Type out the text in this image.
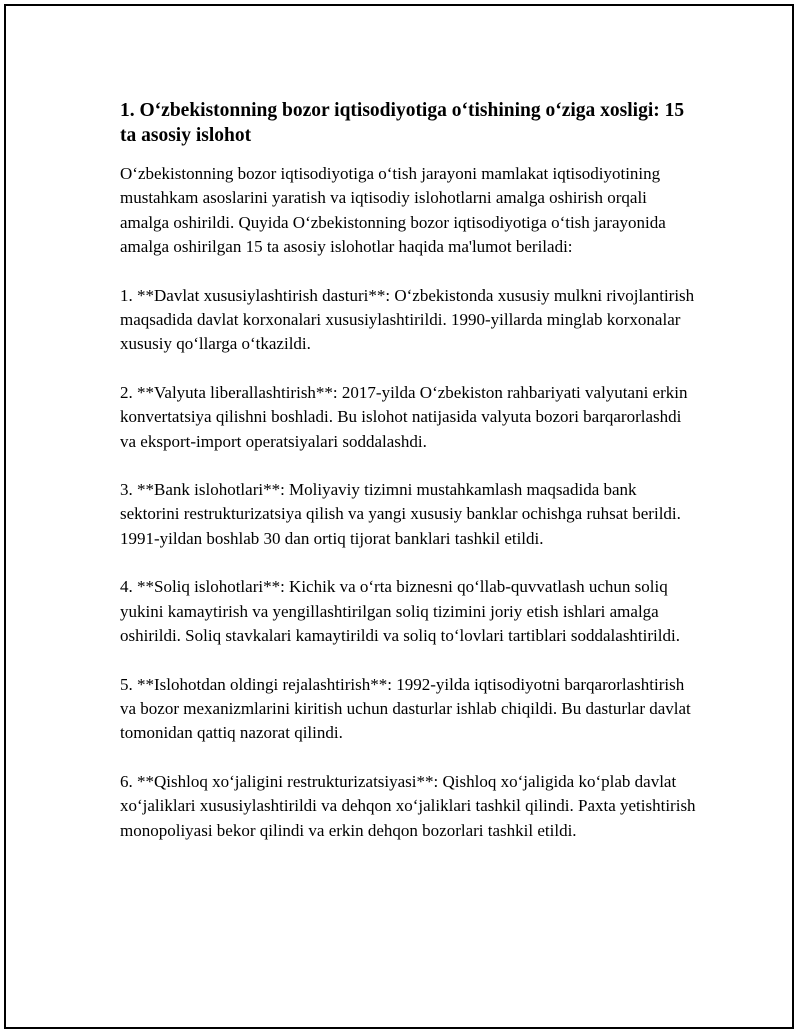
1. O‘zbekistonning bozor iqtisodiyotiga o‘tishining o‘ziga xosligi: 15 ta asosiy islohot

O‘zbekistonning bozor iqtisodiyotiga o‘tish jarayoni mamlakat iqtisodiyotining mustahkam asoslarini yaratish va iqtisodiy islohotlarni amalga oshirish orqali amalga oshirildi. Quyida O‘zbekistonning bozor iqtisodiyotiga o‘tish jarayonida amalga oshirilgan 15 ta asosiy islohotlar haqida ma'lumot beriladi:

1. **Davlat xususiylashtirish dasturi**: O‘zbekistonda xususiy mulkni rivojlantirish maqsadida davlat korxonalari xususiylashtirildi. 1990-yillarda minglab korxonalar xususiy qo‘llarga o‘tkazildi.

2. **Valyuta liberallashtirish**: 2017-yilda O‘zbekiston rahbariyati valyutani erkin konvertatsiya qilishni boshladi. Bu islohot natijasida valyuta bozori barqarorlashdi va eksport-import operatsiyalari soddalashdi.

3. **Bank islohotlari**: Moliyaviy tizimni mustahkamlash maqsadida bank sektorini restrukturizatsiya qilish va yangi xususiy banklar ochishga ruhsat berildi. 1991-yildan boshlab 30 dan ortiq tijorat banklari tashkil etildi.

4. **Soliq islohotlari**: Kichik va o‘rta biznesni qo‘llab-quvvatlash uchun soliq yukini kamaytirish va yengillashtirilgan soliq tizimini joriy etish ishlari amalga oshirildi. Soliq stavkalari kamaytirildi va soliq to‘lovlari tartiblari soddalashtirildi.

5. **Islohotdan oldingi rejalashtirish**: 1992-yilda iqtisodiyotni barqarorlashtirish va bozor mexanizmlarini kiritish uchun dasturlar ishlab chiqildi. Bu dasturlar davlat tomonidan qattiq nazorat qilindi.

6. **Qishloq xo‘jaligini restrukturizatsiyasi**: Qishloq xo‘jaligida ko‘plab davlat xo‘jaliklari xususiylashtirildi va dehqon xo‘jaliklari tashkil qilindi. Paxta yetishtirish monopoliyasi bekor qilindi va erkin dehqon bozorlari tashkil etildi.
